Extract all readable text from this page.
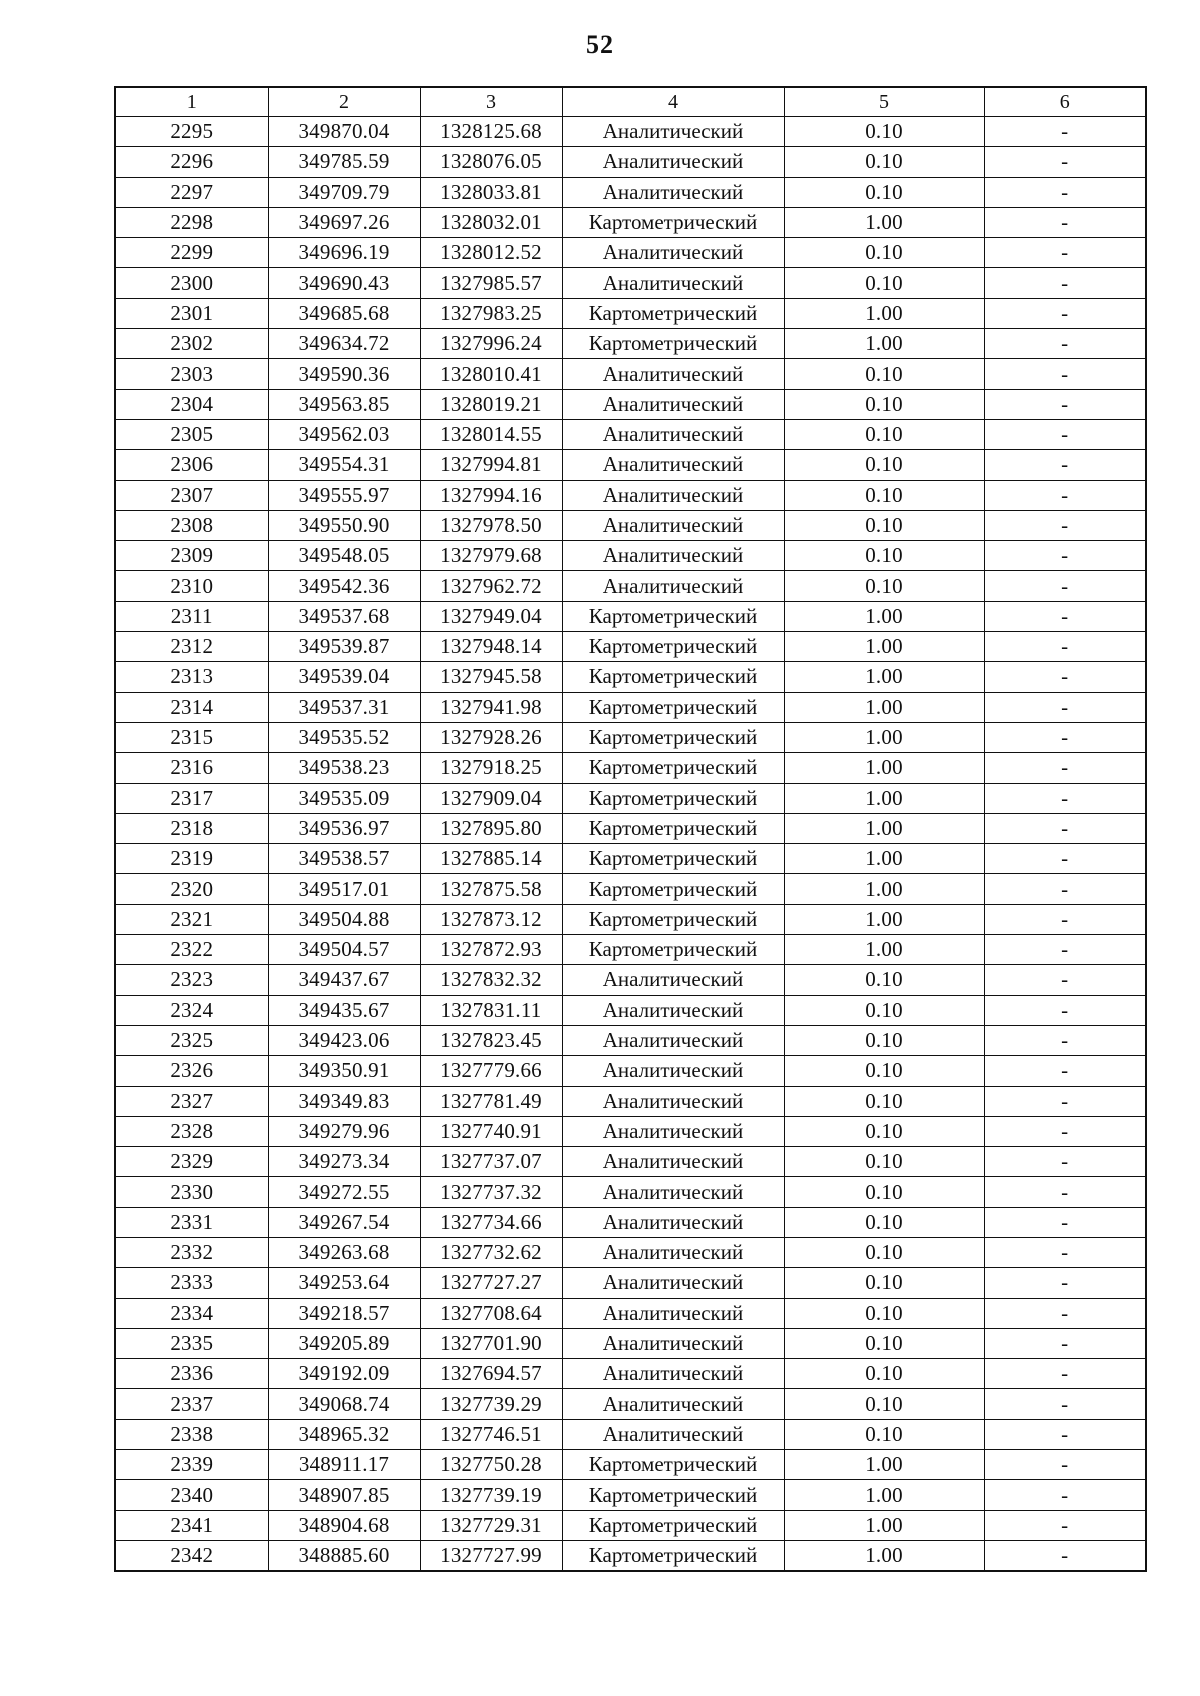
52
1	2	3	4	5	6
2295	349870.04	1328125.68	Аналитический	0.10	-
2296	349785.59	1328076.05	Аналитический	0.10	-
2297	349709.79	1328033.81	Аналитический	0.10	-
2298	349697.26	1328032.01	Картометрический	1.00	-
2299	349696.19	1328012.52	Аналитический	0.10	-
2300	349690.43	1327985.57	Аналитический	0.10	-
2301	349685.68	1327983.25	Картометрический	1.00	-
2302	349634.72	1327996.24	Картометрический	1.00	-
2303	349590.36	1328010.41	Аналитический	0.10	-
2304	349563.85	1328019.21	Аналитический	0.10	-
2305	349562.03	1328014.55	Аналитический	0.10	-
2306	349554.31	1327994.81	Аналитический	0.10	-
2307	349555.97	1327994.16	Аналитический	0.10	-
2308	349550.90	1327978.50	Аналитический	0.10	-
2309	349548.05	1327979.68	Аналитический	0.10	-
2310	349542.36	1327962.72	Аналитический	0.10	-
2311	349537.68	1327949.04	Картометрический	1.00	-
2312	349539.87	1327948.14	Картометрический	1.00	-
2313	349539.04	1327945.58	Картометрический	1.00	-
2314	349537.31	1327941.98	Картометрический	1.00	-
2315	349535.52	1327928.26	Картометрический	1.00	-
2316	349538.23	1327918.25	Картометрический	1.00	-
2317	349535.09	1327909.04	Картометрический	1.00	-
2318	349536.97	1327895.80	Картометрический	1.00	-
2319	349538.57	1327885.14	Картометрический	1.00	-
2320	349517.01	1327875.58	Картометрический	1.00	-
2321	349504.88	1327873.12	Картометрический	1.00	-
2322	349504.57	1327872.93	Картометрический	1.00	-
2323	349437.67	1327832.32	Аналитический	0.10	-
2324	349435.67	1327831.11	Аналитический	0.10	-
2325	349423.06	1327823.45	Аналитический	0.10	-
2326	349350.91	1327779.66	Аналитический	0.10	-
2327	349349.83	1327781.49	Аналитический	0.10	-
2328	349279.96	1327740.91	Аналитический	0.10	-
2329	349273.34	1327737.07	Аналитический	0.10	-
2330	349272.55	1327737.32	Аналитический	0.10	-
2331	349267.54	1327734.66	Аналитический	0.10	-
2332	349263.68	1327732.62	Аналитический	0.10	-
2333	349253.64	1327727.27	Аналитический	0.10	-
2334	349218.57	1327708.64	Аналитический	0.10	-
2335	349205.89	1327701.90	Аналитический	0.10	-
2336	349192.09	1327694.57	Аналитический	0.10	-
2337	349068.74	1327739.29	Аналитический	0.10	-
2338	348965.32	1327746.51	Аналитический	0.10	-
2339	348911.17	1327750.28	Картометрический	1.00	-
2340	348907.85	1327739.19	Картометрический	1.00	-
2341	348904.68	1327729.31	Картометрический	1.00	-
2342	348885.60	1327727.99	Картометрический	1.00	-
